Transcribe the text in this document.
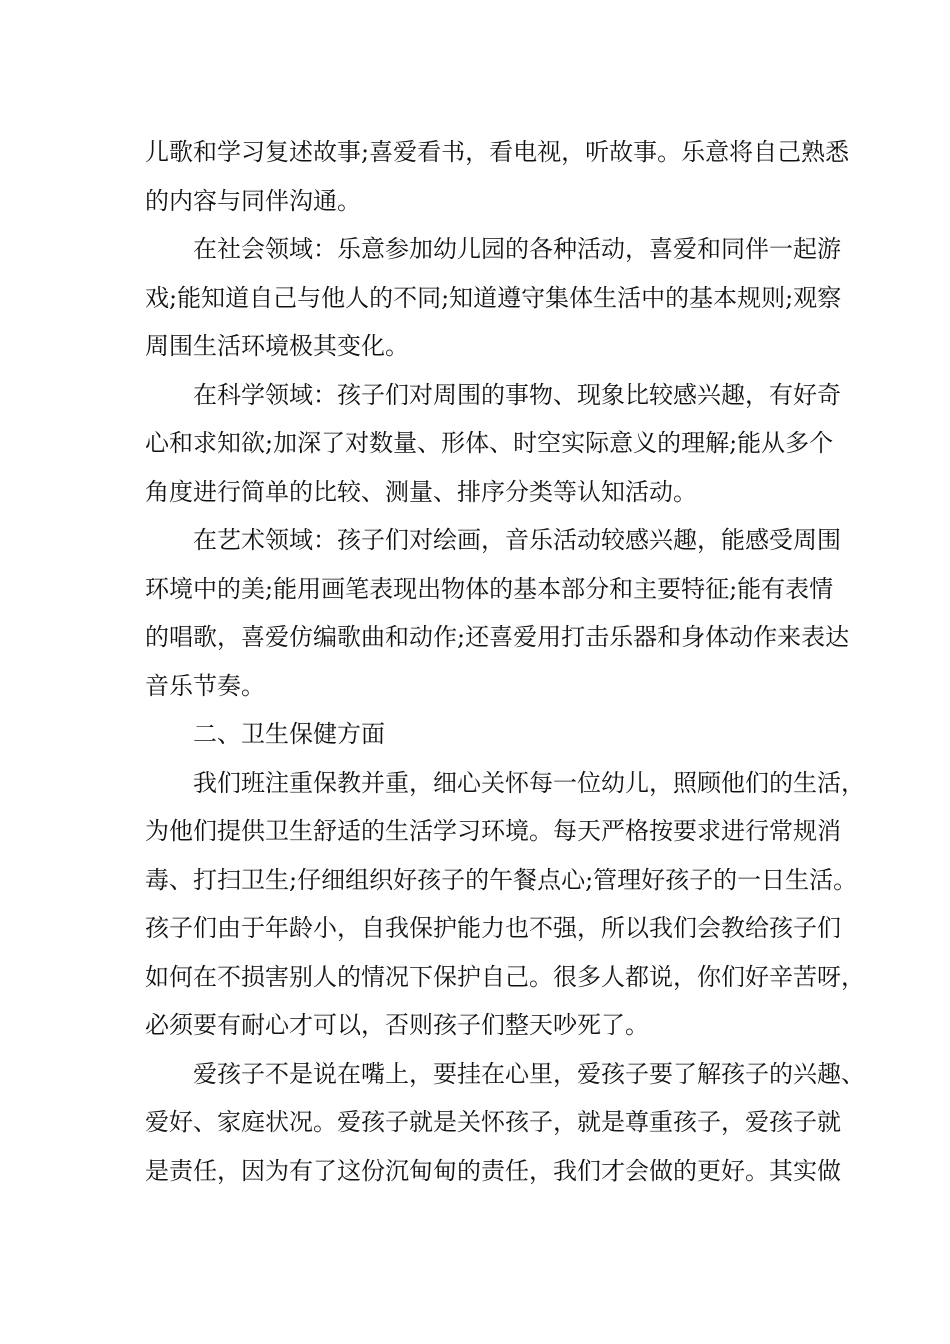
儿歌和学习复述故事;喜爱看书，看电视，听故事。乐意将自己熟悉
的内容与同伴沟通。
在社会领域：乐意参加幼儿园的各种活动，喜爱和同伴一起游
戏;能知道自己与他人的不同;知道遵守集体生活中的基本规则;观察
周围生活环境极其变化。
在科学领域：孩子们对周围的事物、现象比较感兴趣，有好奇
心和求知欲;加深了对数量、形体、时空实际意义的理解;能从多个
角度进行简单的比较、测量、排序分类等认知活动。
在艺术领域：孩子们对绘画，音乐活动较感兴趣，能感受周围
环境中的美;能用画笔表现出物体的基本部分和主要特征;能有表情
的唱歌，喜爱仿编歌曲和动作;还喜爱用打击乐器和身体动作来表达
音乐节奏。
二、卫生保健方面
我们班注重保教并重，细心关怀每一位幼儿，照顾他们的生活，
为他们提供卫生舒适的生活学习环境。每天严格按要求进行常规消
毒、打扫卫生;仔细组织好孩子的午餐点心;管理好孩子的一日生活。
孩子们由于年龄小，自我保护能力也不强，所以我们会教给孩子们
如何在不损害别人的情况下保护自己。很多人都说，你们好辛苦呀，
必须要有耐心才可以，否则孩子们整天吵死了。
爱孩子不是说在嘴上，要挂在心里，爱孩子要了解孩子的兴趣、
爱好、家庭状况。爱孩子就是关怀孩子，就是尊重孩子，爱孩子就
是责任，因为有了这份沉甸甸的责任，我们才会做的更好。其实做
